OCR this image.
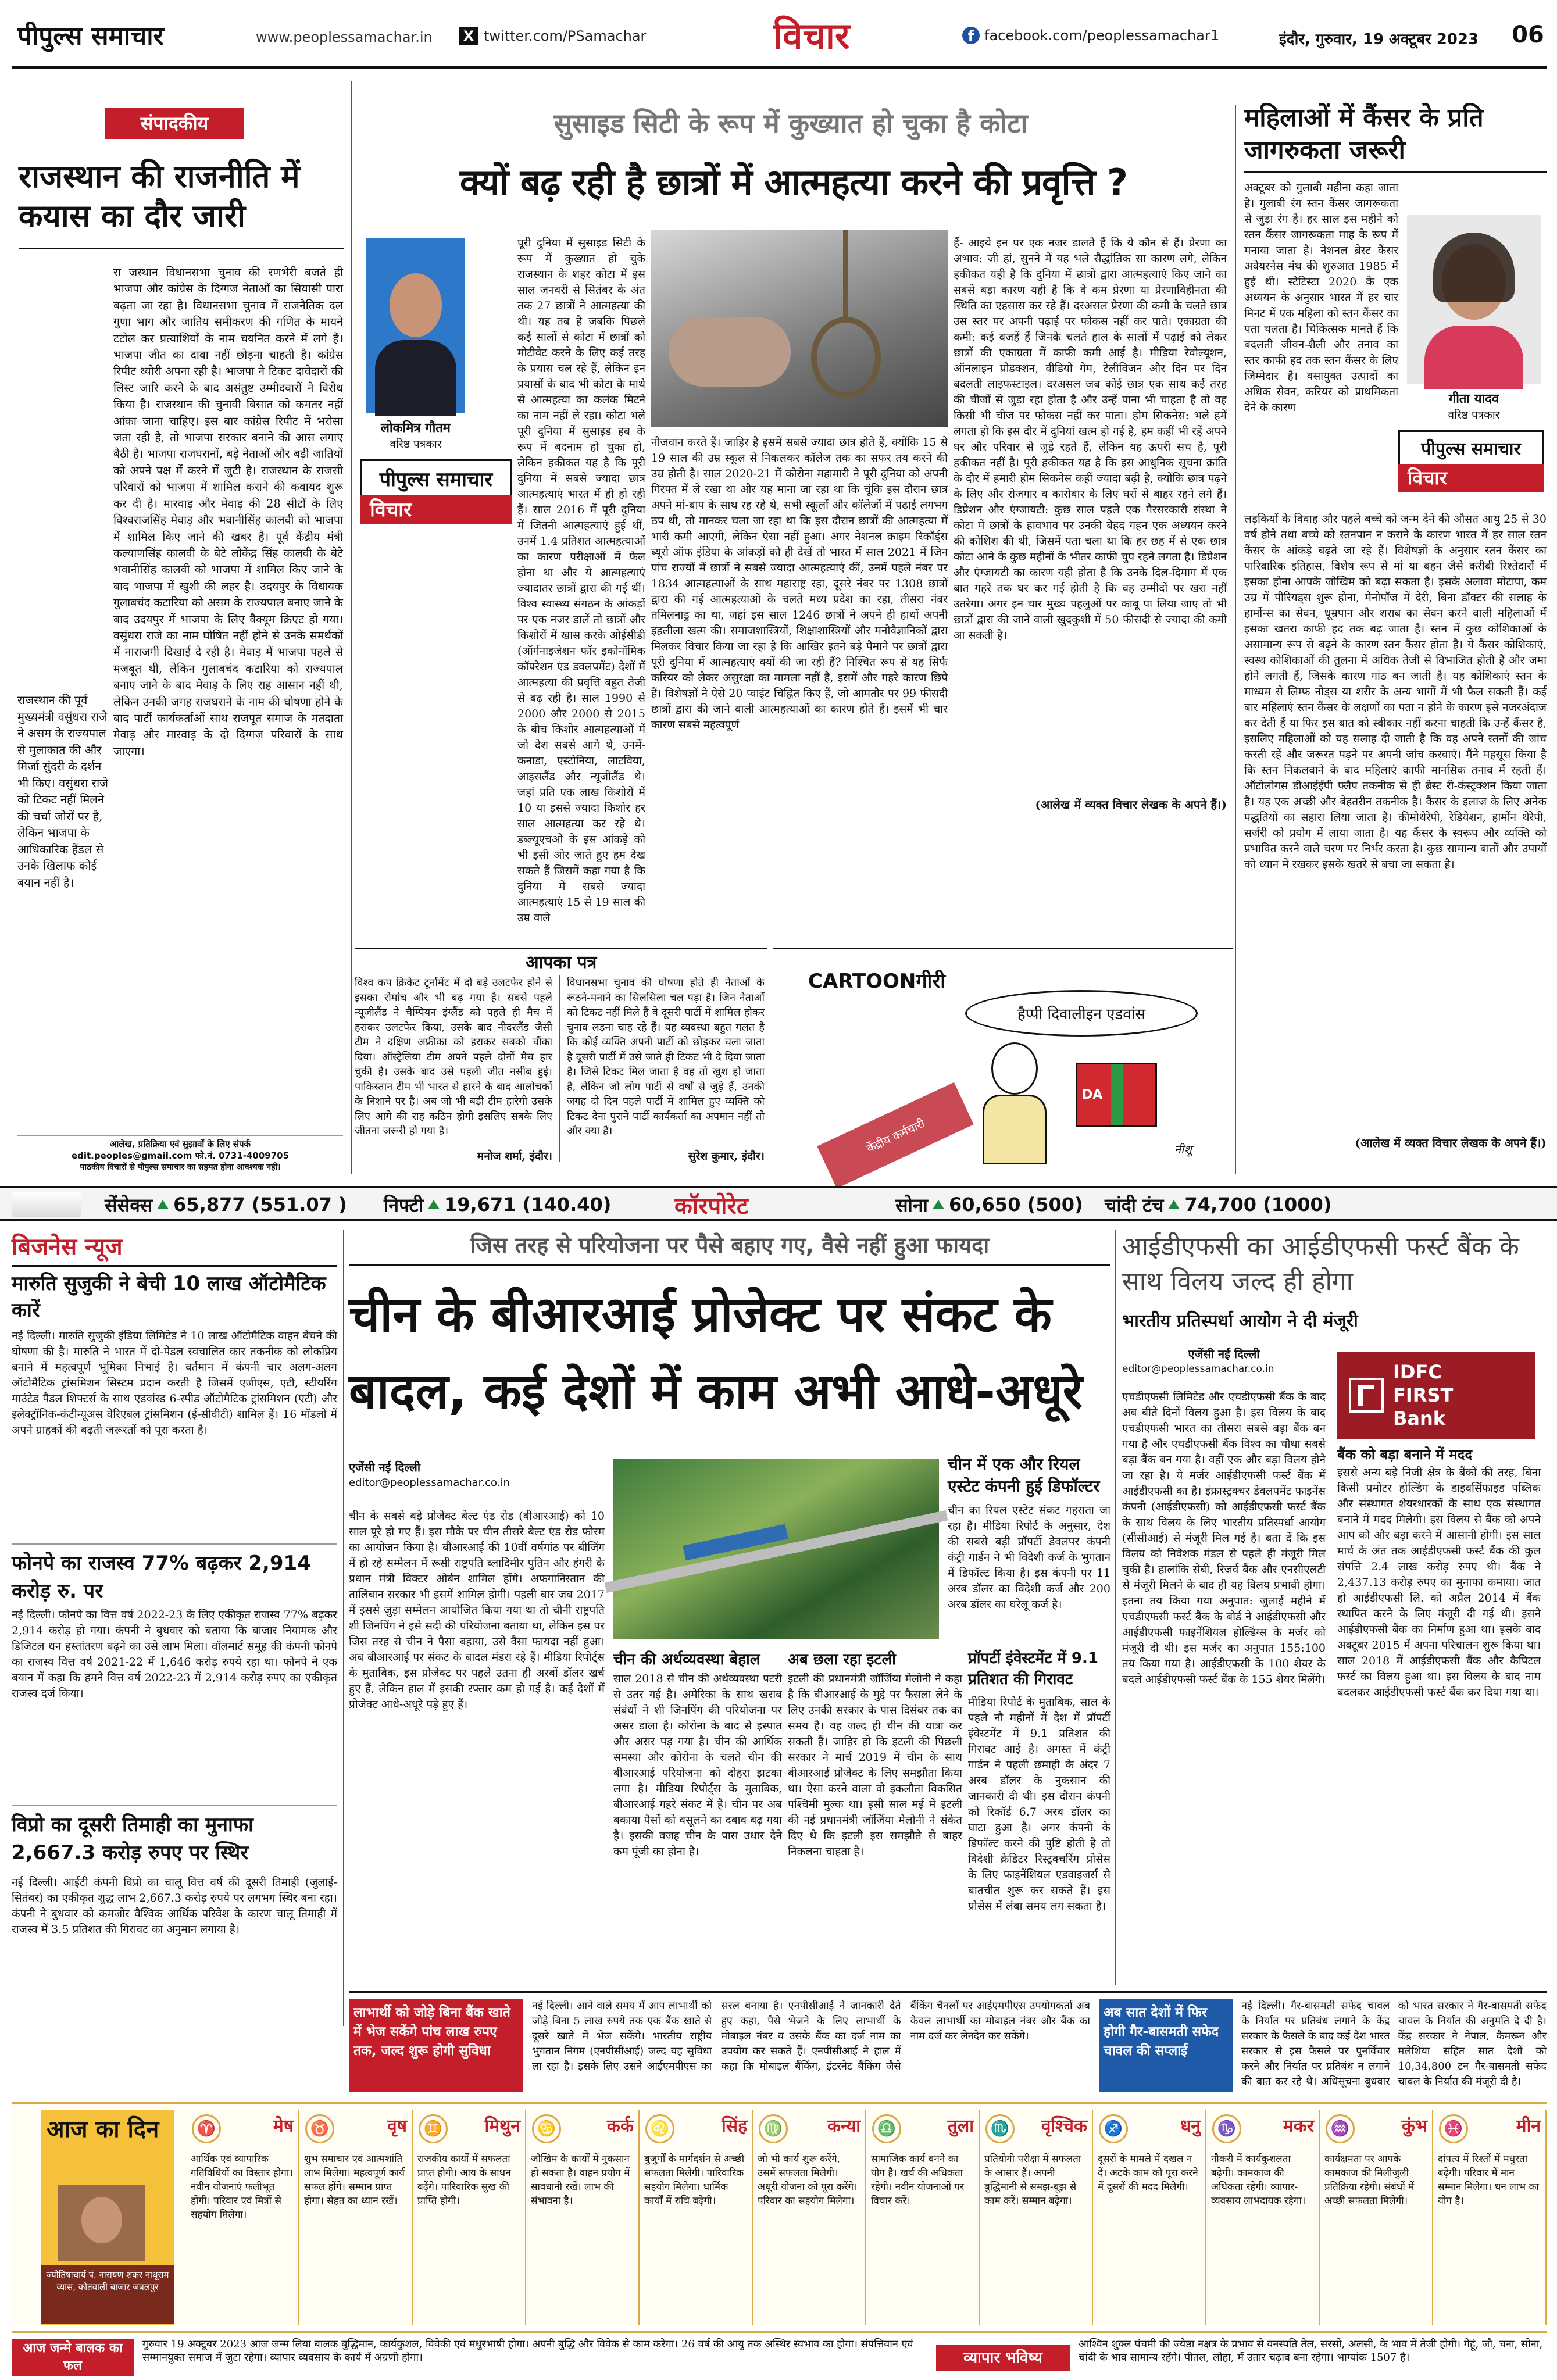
पीपुल्स समाचार	www.peoplessamachar.in X twitter.com/PSamachar	विचार	f facebook.com/peoplessamachar1	इंदौर, गुरुवार, 19 अक्टूबर 2023 06
संपादकीय
राजस्थान की राजनीति में कयास का दौर जारी

रा जस्थान विधानसभा चुनाव की रणभेरी बजते ही भाजपा और कांग्रेस के दिग्गज नेताओं का सियासी पारा बढ़ता जा रहा है। विधानसभा चुनाव में राजनैतिक दल गुणा भाग और जातिय समीकरण की गणित के मायने टटोल कर प्रत्याशियों के नाम चयनित करने में लगे हैं। भाजपा जीत का दावा नहीं छोड़ना चाहती है। कांग्रेस रिपीट थ्योरी अपना रही है। भाजपा ने टिकट दावेदारों की लिस्ट जारि करने के बाद असंतुष्ट उम्मीदवारों ने विरोध किया है। राजस्थान की चुनावी बिसात को कमतर नहीं आंका जाना चाहिए। इस बार कांग्रेस रिपीट में भरोसा जता रही है, तो भाजपा सरकार बनाने की आस लगाए बैठी है। भाजपा राजघरानों, बड़े नेताओं और बड़ी जातियों को अपने पक्ष में करने में जुटी है। राजस्थान के राजसी परिवारों को भाजपा में शामिल कराने की कवायद शुरू कर दी है। मारवाड़ और मेवाड़ की 28 सीटों के लिए विश्वराजसिंह मेवाड़ और भवानीसिंह कालवी को भाजपा में शामिल किए जाने की खबर है। पूर्व केंद्रीय मंत्री कल्याणसिंह कालवी के बेटे लोकेंद्र सिंह कालवी के बेटे भवानीसिंह कालवी को भाजपा में शामिल किए जाने के बाद भाजपा में खुशी की लहर है। उदयपुर के विधायक गुलाबचंद कटारिया को असम के राज्यपाल बनाए जाने के बाद उदयपुर में भाजपा के लिए वैक्यूम क्रिएट हो गया। वसुंधरा राजे का नाम घोषित नहीं होने से उनके समर्थकों में नाराजगी दिखाई दे रही है। मेवाड़ में भाजपा पहले से मजबूत थी, लेकिन गुलाबचंद कटारिया को राज्यपाल बनाए जाने के बाद मेवाड़ के लिए राह आसान नहीं थी, लेकिन उनकी जगह राजघराने के नाम की घोषणा होने के बाद पार्टी कार्यकर्ताओं साथ राजपूत समाज के मतदाता मेवाड़ और मारवाड़ के दो दिग्गज परिवारों के साथ जाएगा।

राजस्थान की पूर्व मुख्यमंत्री वसुंधरा राजे ने असम के राज्यपाल से मुलाकात की और मिर्जा सुंदरी के दर्शन भी किए। वसुंधरा राजे को टिकट नहीं मिलने की चर्चा जोरों पर है, लेकिन भाजपा के आधिकारिक हैंडल से उनके खिलाफ कोई बयान नहीं है।
आलेख, प्रतिक्रिया एवं सुझावों के लिए संपर्क
edit.peoples@gmail.com फो.नं. 0731-4009705
पाठकीय विचारों से पीपुल्स समाचार का सहमत होना आवश्यक नहीं।
सुसाइड सिटी के रूप में कुख्यात हो चुका है कोटा
क्यों बढ़ रही है छात्रों में आत्महत्या करने की प्रवृत्ति ?
लोकमित्र गौतम
वरिष्ठ पत्रकार
पीपुल्स समाचार
विचार

पूरी दुनिया में सुसाइड सिटी के रूप में कुख्यात हो चुके राजस्थान के शहर कोटा में इस साल जनवरी से सितंबर के अंत तक 27 छात्रों ने आत्महत्या की थी। यह तब है जबकि पिछले कई सालों से कोटा में छात्रों को मोटीवेट करने के लिए कई तरह के प्रयास चल रहे हैं, लेकिन इन प्रयासों के बाद भी कोटा के माथे से आत्महत्या का कलंक मिटने का नाम नहीं ले रहा। कोटा भले पूरी दुनिया में सुसाइड हब के रूप में बदनाम हो चुका हो, लेकिन हकीकत यह है कि पूरी दुनिया में सबसे ज्यादा छात्र आत्महत्याएं भारत में ही हो रही हैं। साल 2016 में पूरी दुनिया में जितनी आत्महत्याएं हुई थीं, उनमें 1.4 प्रतिशत आत्महत्याओं का कारण परीक्षाओं में फेल होना था और ये आत्महत्याएं ज्यादातर छात्रों द्वारा की गई थीं। विश्व स्वास्थ्य संगठन के आंकड़ों पर एक नजर डालें तो छात्रों और किशोरों में खास करके ओईसीडी (ऑर्गनाइजेशन फॉर इकोनॉमिक कॉपरेशन एंड डवलपमेंट) देशों में आत्महत्या की प्रवृत्ति बहुत तेजी से बढ़ रही है। साल 1990 से 2000 और 2000 से 2015 के बीच किशोर आत्महत्याओं में जो देश सबसे आगे थे, उनमें- कनाडा, एस्टोनिया, लाटविया, आइसलैंड और न्यूजीलैंड थे। जहां प्रति एक लाख किशोरों में 10 या इससे ज्यादा किशोर हर साल आत्महत्या कर रहे थे। डब्ल्यूएचओ के इस आंकड़े को भी इसी ओर जाते हुए हम देख सकते हैं जिसमें कहा गया है कि दुनिया में सबसे ज्यादा आत्महत्याएं 15 से 19 साल की उम्र वाले

नौजवान करते हैं। जाहिर है इसमें सबसे ज्यादा छात्र होते हैं, क्योंकि 15 से 19 साल की उम्र स्कूल से निकलकर कॉलेज तक का सफर तय करने की उम्र होती है। साल 2020-21 में कोरोना महामारी ने पूरी दुनिया को अपनी गिरफ्त में ले रखा था और यह माना जा रहा था कि चूंकि इस दौरान छात्र अपने मां-बाप के साथ रह रहे थे, सभी स्कूलों और कॉलेजों में पढ़ाई लगभग ठप थी, तो मानकर चला जा रहा था कि इस दौरान छात्रों की आत्महत्या में भारी कमी आएगी, लेकिन ऐसा नहीं हुआ। अगर नेशनल क्राइम रिकॉर्ड्स ब्यूरो ऑफ इंडिया के आंकड़ों को ही देखें तो भारत में साल 2021 में जिन पांच राज्यों में छात्रों ने सबसे ज्यादा आत्महत्याएं कीं, उनमें पहले नंबर पर 1834 आत्महत्याओं के साथ महाराष्ट्र रहा, दूसरे नंबर पर 1308 छात्रों द्वारा की गई आत्महत्याओं के चलते मध्य प्रदेश का रहा, तीसरा नंबर तमिलनाडु का था, जहां इस साल 1246 छात्रों ने अपने ही हाथों अपनी इहलीला खत्म की। समाजशास्त्रियों, शिक्षाशास्त्रियों और मनोवैज्ञानिकों द्वारा मिलकर विचार किया जा रहा है कि आखिर इतने बड़े पैमाने पर छात्रों द्वारा पूरी दुनिया में आत्महत्याएं क्यों की जा रही हैं? निश्चित रूप से यह सिर्फ करियर को लेकर असुरक्षा का मामला नहीं है, इसमें और गहरे कारण छिपे हैं। विशेषज्ञों ने ऐसे 20 प्वाइंट चिह्नित किए हैं, जो आमतौर पर 99 फीसदी छात्रों द्वारा की जाने वाली आत्महत्याओं का कारण होते हैं। इसमें भी चार कारण सबसे महत्वपूर्ण

हैं- आइये इन पर एक नजर डालते हैं कि ये कौन से हैं। प्रेरणा का अभाव: जी हां, सुनने में यह भले सैद्धांतिक सा कारण लगे, लेकिन हकीकत यही है कि दुनिया में छात्रों द्वारा आत्महत्याएं किए जाने का सबसे बड़ा कारण यही है कि वे कम प्रेरणा या प्रेरणाविहीनता की स्थिति का एहसास कर रहे हैं। दरअसल प्रेरणा की कमी के चलते छात्र उस स्तर पर अपनी पढ़ाई पर फोकस नहीं कर पाते। एकाग्रता की कमी: कई वजहें हैं जिनके चलते हाल के सालों में पढ़ाई को लेकर छात्रों की एकाग्रता में काफी कमी आई है। मीडिया रेवोल्यूशन, ऑनलाइन प्रोडक्शन, वीडियो गेम, टेलीविजन और दिन पर दिन बदलती लाइफस्टाइल। दरअसल जब कोई छात्र एक साथ कई तरह की चीजों से जुड़ा रहा होता है और उन्हें पाना भी चाहता है तो वह किसी भी चीज पर फोकस नहीं कर पाता। होम सिकनेस: भले हमें लगता हो कि इस दौर में दुनियां खत्म हो गई है, हम कहीं भी रहें अपने घर और परिवार से जुड़े रहते हैं, लेकिन यह ऊपरी सच है, पूरी हकीकत नहीं है। पूरी हकीकत यह है कि इस आधुनिक सूचना क्रांति के दौर में हमारी होम सिकनेस कहीं ज्यादा बढ़ी है, क्योंकि छात्र पढ़ने के लिए और रोजगार व कारोबार के लिए घरों से बाहर रहने लगे हैं। डिप्रेशन और एंग्जायटी: कुछ साल पहले एक गैरसरकारी संस्था ने कोटा में छात्रों के हावभाव पर उनकी बेहद गहन एक अध्ययन करने की कोशिश की थी, जिसमें पता चला था कि हर छह में से एक छात्र कोटा आने के कुछ महीनों के भीतर काफी चुप रहने लगता है। डिप्रेशन और एंग्जायटी का कारण यही होता है कि उनके दिल-दिमाग में एक बात गहरे तक घर कर गई होती है कि वह उम्मीदों पर खरा नहीं उतरेगा। अगर इन चार मुख्य पहलुओं पर काबू पा लिया जाए तो भी छात्रों द्वारा की जाने वाली खुदकुशी में 50 फीसदी से ज्यादा की कमी आ सकती है।

(आलेख में व्यक्त विचार लेखक के अपने हैं।)
महिलाओं में कैंसर के प्रति जागरुकता जरूरी

अक्टूबर को गुलाबी महीना कहा जाता है। गुलाबी रंग स्तन कैंसर जागरूकता से जुड़ा रंग है। हर साल इस महीने को स्तन कैंसर जागरूकता माह के रूप में मनाया जाता है। नेशनल ब्रेस्ट कैंसर अवेयरनेस मंथ की शुरुआत 1985 में हुई थी। स्टेटिस्टा 2020 के एक अध्ययन के अनुसार भारत में हर चार मिनट में एक महिला को स्तन कैंसर का पता चलता है। चिकित्सक मानते हैं कि बदलती जीवन-शैली और तनाव का स्तर काफी हद तक स्तन कैंसर के लिए जिम्मेदार है। वसायुक्त उत्पादों का अधिक सेवन, करियर को प्राथमिकता देने के कारण

गीता यादव
वरिष्ठ पत्रकार
पीपुल्स समाचार
विचार

लड़कियों के विवाह और पहले बच्चे को जन्म देने की औसत आयु 25 से 30 वर्ष होने तथा बच्चे को स्तनपान न कराने के कारण भारत में हर साल स्तन कैंसर के आंकड़े बढ़ते जा रहे हैं। विशेषज्ञों के अनुसार स्तन कैंसर का पारिवारिक इतिहास, विशेष रूप से मां या बहन जैसे करीबी रिश्तेदारों में इसका होना आपके जोखिम को बढ़ा सकता है। इसके अलावा मोटापा, कम उम्र में पीरियड्स शुरू होना, मेनोपॉज में देरी, बिना डॉक्टर की सलाह के हार्मोन्स का सेवन, धूम्रपान और शराब का सेवन करने वाली महिलाओं में इसका खतरा काफी हद तक बढ़ जाता है। स्तन में कुछ कोशिकाओं के असामान्य रूप से बढ़ने के कारण स्तन कैंसर होता है। ये कैंसर कोशिकाएं, स्वस्थ कोशिकाओं की तुलना में अधिक तेजी से विभाजित होती हैं और जमा होने लगती हैं, जिसके कारण गांठ बन जाती है। यह कोशिकाएं स्तन के माध्यम से लिम्फ नोड्स या शरीर के अन्य भागों में भी फैल सकती हैं। कई बार महिलाएं स्तन कैंसर के लक्षणों का पता न होने के कारण इसे नजरअंदाज कर देती हैं या फिर इस बात को स्वीकार नहीं करना चाहती कि उन्हें कैंसर है, इसलिए महिलाओं को यह सलाह दी जाती है कि वह अपने स्तनों की जांच करती रहें और जरूरत पड़ने पर अपनी जांच करवाएं। मैंने महसूस किया है कि स्तन निकलवाने के बाद महिलाएं काफी मानसिक तनाव में रहती हैं। ऑटोलोगस डीआईईपी फ्लैप तकनीक से ही ब्रेस्ट री-कंस्ट्रक्शन किया जाता है। यह एक अच्छी और बेहतरीन तकनीक है। कैंसर के इलाज के लिए अनेक पद्धतियों का सहारा लिया जाता है। कीमोथेरेपी, रेडियेशन, हार्मोन थेरेपी, सर्जरी को प्रयोग में लाया जाता है। यह कैंसर के स्वरूप और व्यक्ति को प्रभावित करने वाले चरण पर निर्भर करता है। कुछ सामान्य बातों और उपायों को ध्यान में रखकर इसके खतरे से बचा जा सकता है।

(आलेख में व्यक्त विचार लेखक के अपने हैं।)
आपका पत्र

विश्व कप क्रिकेट टूर्नामेंट में दो बड़े उलटफेर होने से इसका रोमांच और भी बढ़ गया है। सबसे पहले न्यूजीलैंड ने चैम्पियन इंग्लैंड को पहले ही मैच में हराकर उलटफेर किया, उसके बाद नीदरलैंड जैसी टीम ने दक्षिण अफ्रीका को हराकर सबको चौंका दिया। ऑस्ट्रेलिया टीम अपने पहले दोनों मैच हार चुकी है। उसके बाद उसे पहली जीत नसीब हुई। पाकिस्तान टीम भी भारत से हारने के बाद आलोचकों के निशाने पर है। अब जो भी बड़ी टीम हारेगी उसके लिए आगे की राह कठिन होगी इसलिए सबके लिए जीतना जरूरी हो गया है।

मनोज शर्मा, इंदौर।

विधानसभा चुनाव की घोषणा होते ही नेताओं के रूठने-मनाने का सिलसिला चल पड़ा है। जिन नेताओं को टिकट नहीं मिले हैं वे दूसरी पार्टी में शामिल होकर चुनाव लड़ना चाह रहे हैं। यह व्यवस्था बहुत गलत है कि कोई व्यक्ति अपनी पार्टी को छोड़कर चला जाता है दूसरी पार्टी में उसे जाते ही टिकट भी दे दिया जाता है। जिसे टिकट मिल जाता है वह तो खुश हो जाता है, लेकिन जो लोग पार्टी से वर्षों से जुड़े हैं, उनकी जगह दो दिन पहले पार्टी में शामिल हुए व्यक्ति को टिकट देना पुराने पार्टी कार्यकर्ता का अपमान नहीं तो और क्या है।

सुरेश कुमार, इंदौर।
CARTOONगीरी
हैप्पी दिवालीइन एडवांस
DA
केंद्रीय कर्मचारी	नीशू
सेंसेक्स 65,877 (551.07 ) निफ्टी 19,671 (140.40)	कॉरपोरेट	सोना 60,650 (500) चांदी टंच 74,700 (1000)
बिजनेस न्यूज
मारुति सुजुकी ने बेची 10 लाख ऑटोमैटिक कारें

नई दिल्ली। मारुति सुजुकी इंडिया लिमिटेड ने 10 लाख ऑटोमैटिक वाहन बेचने की घोषणा की है। मारुति ने भारत में दो-पेडल स्वचालित कार तकनीक को लोकप्रिय बनाने में महत्वपूर्ण भूमिका निभाई है। वर्तमान में कंपनी चार अलग-अलग ऑटोमैटिक ट्रांसमिशन सिस्टम प्रदान करती है जिसमें एजीएस, एटी, स्टीयरिंग माउंटेड पैडल शिफ्टर्स के साथ एडवांस्ड 6-स्पीड ऑटोमैटिक ट्रांसमिशन (एटी) और इलेक्ट्रॉनिक-कंटीन्यूअस वेरिएबल ट्रांसमिशन (ई-सीवीटी) शामिल हैं। 16 मॉडलों में अपने ग्राहकों की बढ़ती जरूरतों को पूरा करता है।

फोनपे का राजस्व 77% बढ़कर 2,914 करोड़ रु. पर

नई दिल्ली। फोनपे का वित्त वर्ष 2022-23 के लिए एकीकृत राजस्व 77% बढ़कर 2,914 करोड़ हो गया। कंपनी ने बुधवार को बताया कि बाजार नियामक और डिजिटल धन हस्तांतरण बढ़ने का उसे लाभ मिला। वॉलमार्ट समूह की कंपनी फोनपे का राजस्व वित्त वर्ष 2021-22 में 1,646 करोड़ रुपये रहा था। फोनपे ने एक बयान में कहा कि हमने वित्त वर्ष 2022-23 में 2,914 करोड़ रुपए का एकीकृत राजस्व दर्ज किया।

विप्रो का दूसरी तिमाही का मुनाफा 2,667.3 करोड़ रुपए पर स्थिर

नई दिल्ली। आईटी कंपनी विप्रो का चालू वित्त वर्ष की दूसरी तिमाही (जुलाई-सितंबर) का एकीकृत शुद्ध लाभ 2,667.3 करोड़ रुपये पर लगभग स्थिर बना रहा। कंपनी ने बुधवार को कमजोर वैश्विक आर्थिक परिवेश के कारण चालू तिमाही में राजस्व में 3.5 प्रतिशत की गिरावट का अनुमान लगाया है।

जिस तरह से परियोजना पर पैसे बहाए गए, वैसे नहीं हुआ फायदा
चीन के बीआरआई प्रोजेक्ट पर संकट के बादल, कई देशों में काम अभी आधे-अधूरे
एजेंसी नई दिल्ली
editor@peoplessamachar.co.in

चीन के सबसे बड़े प्रोजेक्ट बेल्ट एंड रोड (बीआरआई) को 10 साल पूरे हो गए हैं। इस मौके पर चीन तीसरे बेल्ट एंड रोड फोरम का आयोजन किया है। बीआरआई की 10वीं वर्षगांठ पर बीजिंग में हो रहे सम्मेलन में रूसी राष्ट्रपति व्लादिमीर पुतिन और हंगरी के प्रधान मंत्री विक्टर ओर्बन शामिल होंगे। अफगानिस्तान की तालिबान सरकार भी इसमें शामिल होगी। पहली बार जब 2017 में इससे जुड़ा सम्मेलन आयोजित किया गया था तो चीनी राष्ट्रपति शी जिनपिंग ने इसे सदी की परियोजना बताया था, लेकिन इस पर जिस तरह से चीन ने पैसा बहाया, उसे वैसा फायदा नहीं हुआ। अब बीआरआई पर संकट के बादल मंडरा रहे हैं। मीडिया रिपोर्ट्स के मुताबिक, इस प्रोजेक्ट पर पहले उतना ही अरबों डॉलर खर्च हुए हैं, लेकिन हाल में इसकी रफ्तार कम हो गई है। कई देशों में प्रोजेक्ट आधे-अधूरे पड़े हुए हैं।

चीन की अर्थव्यवस्था बेहाल

साल 2018 से चीन की अर्थव्यवस्था पटरी से उतर गई है। अमेरिका के साथ खराब संबंधों ने शी जिनपिंग की परियोजना पर असर डाला है। कोरोना के बाद से इस्पात और असर पड़ गया है। चीन की आर्थिक समस्या और कोरोना के चलते चीन की बीआरआई परियोजना को दोहरा झटका लगा है। मीडिया रिपोर्ट्स के मुताबिक, बीआरआई गहरे संकट में है। चीन पर अब बकाया पैसों को वसूलने का दबाव बढ़ गया है। इसकी वजह चीन के पास उधार देने कम पूंजी का होना है।

अब छला रहा इटली

इटली की प्रधानमंत्री जॉर्जिया मेलोनी ने कहा है कि बीआरआई के मुद्दे पर फैसला लेने के लिए उनकी सरकार के पास दिसंबर तक का समय है। वह जल्द ही चीन की यात्रा कर सकती हैं। जाहिर हो कि इटली की पिछली सरकार ने मार्च 2019 में चीन के साथ बीआरआई प्रोजेक्ट के लिए समझौता किया था। ऐसा करने वाला वो इकलौता विकसित पश्चिमी मुल्क था। इसी साल मई में इटली की नई प्रधानमंत्री जॉर्जिया मेलोनी ने संकेत दिए थे कि इटली इस समझौते से बाहर निकलना चाहता है।

चीन में एक और रियल एस्टेट कंपनी हुई डिफॉल्टर

चीन का रियल एस्टेट संकट गहराता जा रहा है। मीडिया रिपोर्ट के अनुसार, देश की सबसे बड़ी प्रॉपर्टी डेवलपर कंपनी कंट्री गार्डन ने भी विदेशी कर्ज के भुगतान में डिफॉल्ट किया है। इस कंपनी पर 11 अरब डॉलर का विदेशी कर्ज और 200 अरब डॉलर का घरेलू कर्ज है।

प्रॉपर्टी इंवेस्टमेंट में 9.1 प्रतिशत की गिरावट

मीडिया रिपोर्ट के मुताबिक, साल के पहले नौ महीनों में देश में प्रॉपर्टी इंवेस्टमेंट में 9.1 प्रतिशत की गिरावट आई है। अगस्त में कंट्री गार्डन ने पहली छमाही के अंदर 7 अरब डॉलर के नुकसान की जानकारी दी थी। इस दौरान कंपनी को रिकॉर्ड 6.7 अरब डॉलर का घाटा हुआ है। अगर कंपनी के डिफॉल्ट करने की पुष्टि होती है तो विदेशी क्रेडिटर रिस्ट्रक्चरिंग प्रोसेस के लिए फाइनेंशियल एडवाइजर्स से बातचीत शुरू कर सकते हैं। इस प्रोसेस में लंबा समय लग सकता है।

आईडीएफसी का आईडीएफसी फर्स्ट बैंक के साथ विलय जल्द ही होगा
भारतीय प्रतिस्पर्धा आयोग ने दी मंजूरी
एजेंसी नई दिल्ली
editor@peoplessamachar.co.in

एचडीएफसी लिमिटेड और एचडीएफसी बैंक के बाद अब बीते दिनों विलय हुआ है। इस विलय के बाद एचडीएफसी भारत का तीसरा सबसे बड़ा बैंक बन गया है और एचडीएफसी बैंक विश्व का चौथा सबसे बड़ा बैंक बन गया है। वहीं एक और बड़ा विलय होने जा रहा है। ये मर्जर आईडीएफसी फर्स्ट बैंक में आईडीएफसी का है। इंफ्रास्ट्रक्चर डेवलपमेंट फाइनेंस कंपनी (आईडीएफसी) को आईडीएफसी फर्स्ट बैंक के साथ विलय के लिए भारतीय प्रतिस्पर्धा आयोग (सीसीआई) से मंजूरी मिल गई है। बता दें कि इस विलय को निवेशक मंडल से पहले ही मंजूरी मिल चुकी है। हालांकि सेबी, रिजर्व बैंक और एनसीएलटी से मंजूरी मिलने के बाद ही यह विलय प्रभावी होगा। इतना तय किया गया अनुपात: जुलाई महीने में एचडीएफसी फर्स्ट बैंक के बोर्ड ने आईडीएफसी और आईडीएफसी फाइनेंशियल होल्डिंग्स के मर्जर को मंजूरी दी थी। इस मर्जर का अनुपात 155:100 तय किया गया है। आईडीएफसी के 100 शेयर के बदले आईडीएफसी फर्स्ट बैंक के 155 शेयर मिलेंगे।

IDFC FIRST Bank
बैंक को बड़ा बनाने में मदद

इससे अन्य बड़े निजी क्षेत्र के बैंकों की तरह, बिना किसी प्रमोटर होल्डिंग के डाइवर्सिफाइड पब्लिक और संस्थागत शेयरधारकों के साथ एक संस्थागत बनाने में मदद मिलेगी। इस विलय से बैंक को अपने आप को और बड़ा करने में आसानी होगी। इस साल मार्च के अंत तक आईडीएफसी फर्स्ट बैंक की कुल संपत्ति 2.4 लाख करोड़ रुपए थी। बैंक ने 2,437.13 करोड़ रुपए का मुनाफा कमाया। जात हो आईडीएफसी लि. को अप्रैल 2014 में बैंक स्थापित करने के लिए मंजूरी दी गई थी। इसने आईडीएफसी बैंक का निर्माण हुआ था। इसके बाद अक्टूबर 2015 में अपना परिचालन शुरू किया था। साल 2018 में आईडीएफसी बैंक और कैपिटल फर्स्ट का विलय हुआ था। इस विलय के बाद नाम बदलकर आईडीएफसी फर्स्ट बैंक कर दिया गया था।

लाभार्थी को जोड़े बिना बैंक खाते में भेज सकेंगे पांच लाख रुपए तक, जल्द शुरू होगी सुविधा

नई दिल्ली। आने वाले समय में आप लाभार्थी को जोड़े बिना 5 लाख रुपये तक एक बैंक खाते से दूसरे खाते में भेज सकेंगे। भारतीय राष्ट्रीय भुगतान निगम (एनपीसीआई) जल्द यह सुविधा ला रहा है। इसके लिए उसने आईएमपीएस का सरल बनाया है। एनपीसीआई ने जानकारी देते हुए कहा, पैसे भेजने के लिए लाभार्थी के मोबाइल नंबर व उसके बैंक का दर्ज नाम का उपयोग कर सकते हैं। एनपीसीआई ने हाल में कहा कि मोबाइल बैंकिंग, इंटरनेट बैंकिंग जैसे बैंकिंग चैनलों पर आईएमपीएस उपयोगकर्ता अब केवल लाभार्थी का मोबाइल नंबर और बैंक का नाम दर्ज कर लेनदेन कर सकेंगे।

अब सात देशों में फिर होगी गैर-बासमती सफेद चावल की सप्लाई

नई दिल्ली। गैर-बासमती सफेद चावल के निर्यात पर प्रतिबंध लगाने के केंद्र सरकार के फैसले के बाद कई देश भारत सरकार से इस फैसले पर पुनर्विचार करने और निर्यात पर प्रतिबंध न लगाने की बात कर रहे थे। अधिसूचना बुधवार को भारत सरकार ने गैर-बासमती सफेद चावल के निर्यात की अनुमति दे दी है। केंद्र सरकार ने नेपाल, कैमरून और मलेशिया सहित सात देशों को 10,34,800 टन गैर-बासमती सफेद चावल के निर्यात की मंजूरी दी है।

आज का दिन
ज्योतिषाचार्य पं. नारायण शंकर नाथूराम व्यास, कोतवाली बाजार जबलपुर
♈	मेष
आर्थिक एवं व्यापारिक गतिविधियों का विस्तार होगा। नवीन योजनाएं फलीभूत होंगी। परिवार एवं मित्रों से सहयोग मिलेगा।
♉	वृष
शुभ समाचार एवं आत्मशांति लाभ मिलेगा। महत्वपूर्ण कार्य सफल होंगे। सम्मान प्राप्त होगा। सेहत का ध्यान रखें।
♊	मिथुन
राजकीय कार्यों में सफलता प्राप्त होगी। आय के साधन बढ़ेंगे। पारिवारिक सुख की प्राप्ति होगी।
♋	कर्क
जोखिम के कार्यों में नुकसान हो सकता है। वाहन प्रयोग में सावधानी रखें। लाभ की संभावना है।
♌	सिंह
बुजुर्गों के मार्गदर्शन से अच्छी सफलता मिलेगी। पारिवारिक सहयोग मिलेगा। धार्मिक कार्यों में रुचि बढ़ेगी।
♍	कन्या
जो भी कार्य शुरू करेंगे, उसमें सफलता मिलेगी। अधूरी योजना को पूरा करेंगे। परिवार का सहयोग मिलेगा।
♎	तुला
सामाजिक कार्य बनने का योग है। खर्च की अधिकता रहेगी। नवीन योजनाओं पर विचार करें।
♏	वृश्चिक
प्रतियोगी परीक्षा में सफलता के आसार हैं। अपनी बुद्धिमानी से समझ-बूझ से काम करें। सम्मान बढ़ेगा।
♐	धनु
दूसरों के मामले में दखल न दें। अटके काम को पूरा करने में दूसरों की मदद मिलेगी।
♑	मकर
नौकरी में कार्यकुशलता बढ़ेगी। कामकाज की अधिकता रहेगी। व्यापार-व्यवसाय लाभदायक रहेगा।
♒	कुंभ
कार्यक्षमता पर आपके कामकाज की मिलीजुली प्रतिक्रिया रहेगी। संबंधों में अच्छी सफलता मिलेगी।
♓	मीन
दांपत्य में रिश्तों में मधुरता बढ़ेगी। परिवार में मान सम्मान मिलेगा। धन लाभ का योग है।
आज जन्मे बालक का फल
गुरुवार 19 अक्टूबर 2023 आज जन्म लिया बालक बुद्धिमान, कार्यकुशल, विवेकी एवं मधुरभाषी होगा। अपनी बुद्धि और विवेक से काम करेगा। 26 वर्ष की आयु तक अस्थिर स्वभाव का होगा। संपत्तिवान एवं सम्मानयुक्त समाज में जुटा रहेगा। व्यापार व्यवसाय के कार्य में अग्रणी होगा।	व्यापार भविष्य
आश्विन शुक्ल पंचमी की ज्येष्ठा नक्षत्र के प्रभाव से वनस्पति तेल, सरसों, अलसी, के भाव में तेजी होगी। गेहूं, जौ, चना, सोना, चांदी के भाव सामान्य रहेंगे। पीतल, लोहा, में उतार चढ़ाव बना रहेगा। भाग्यांक 1507 है।
